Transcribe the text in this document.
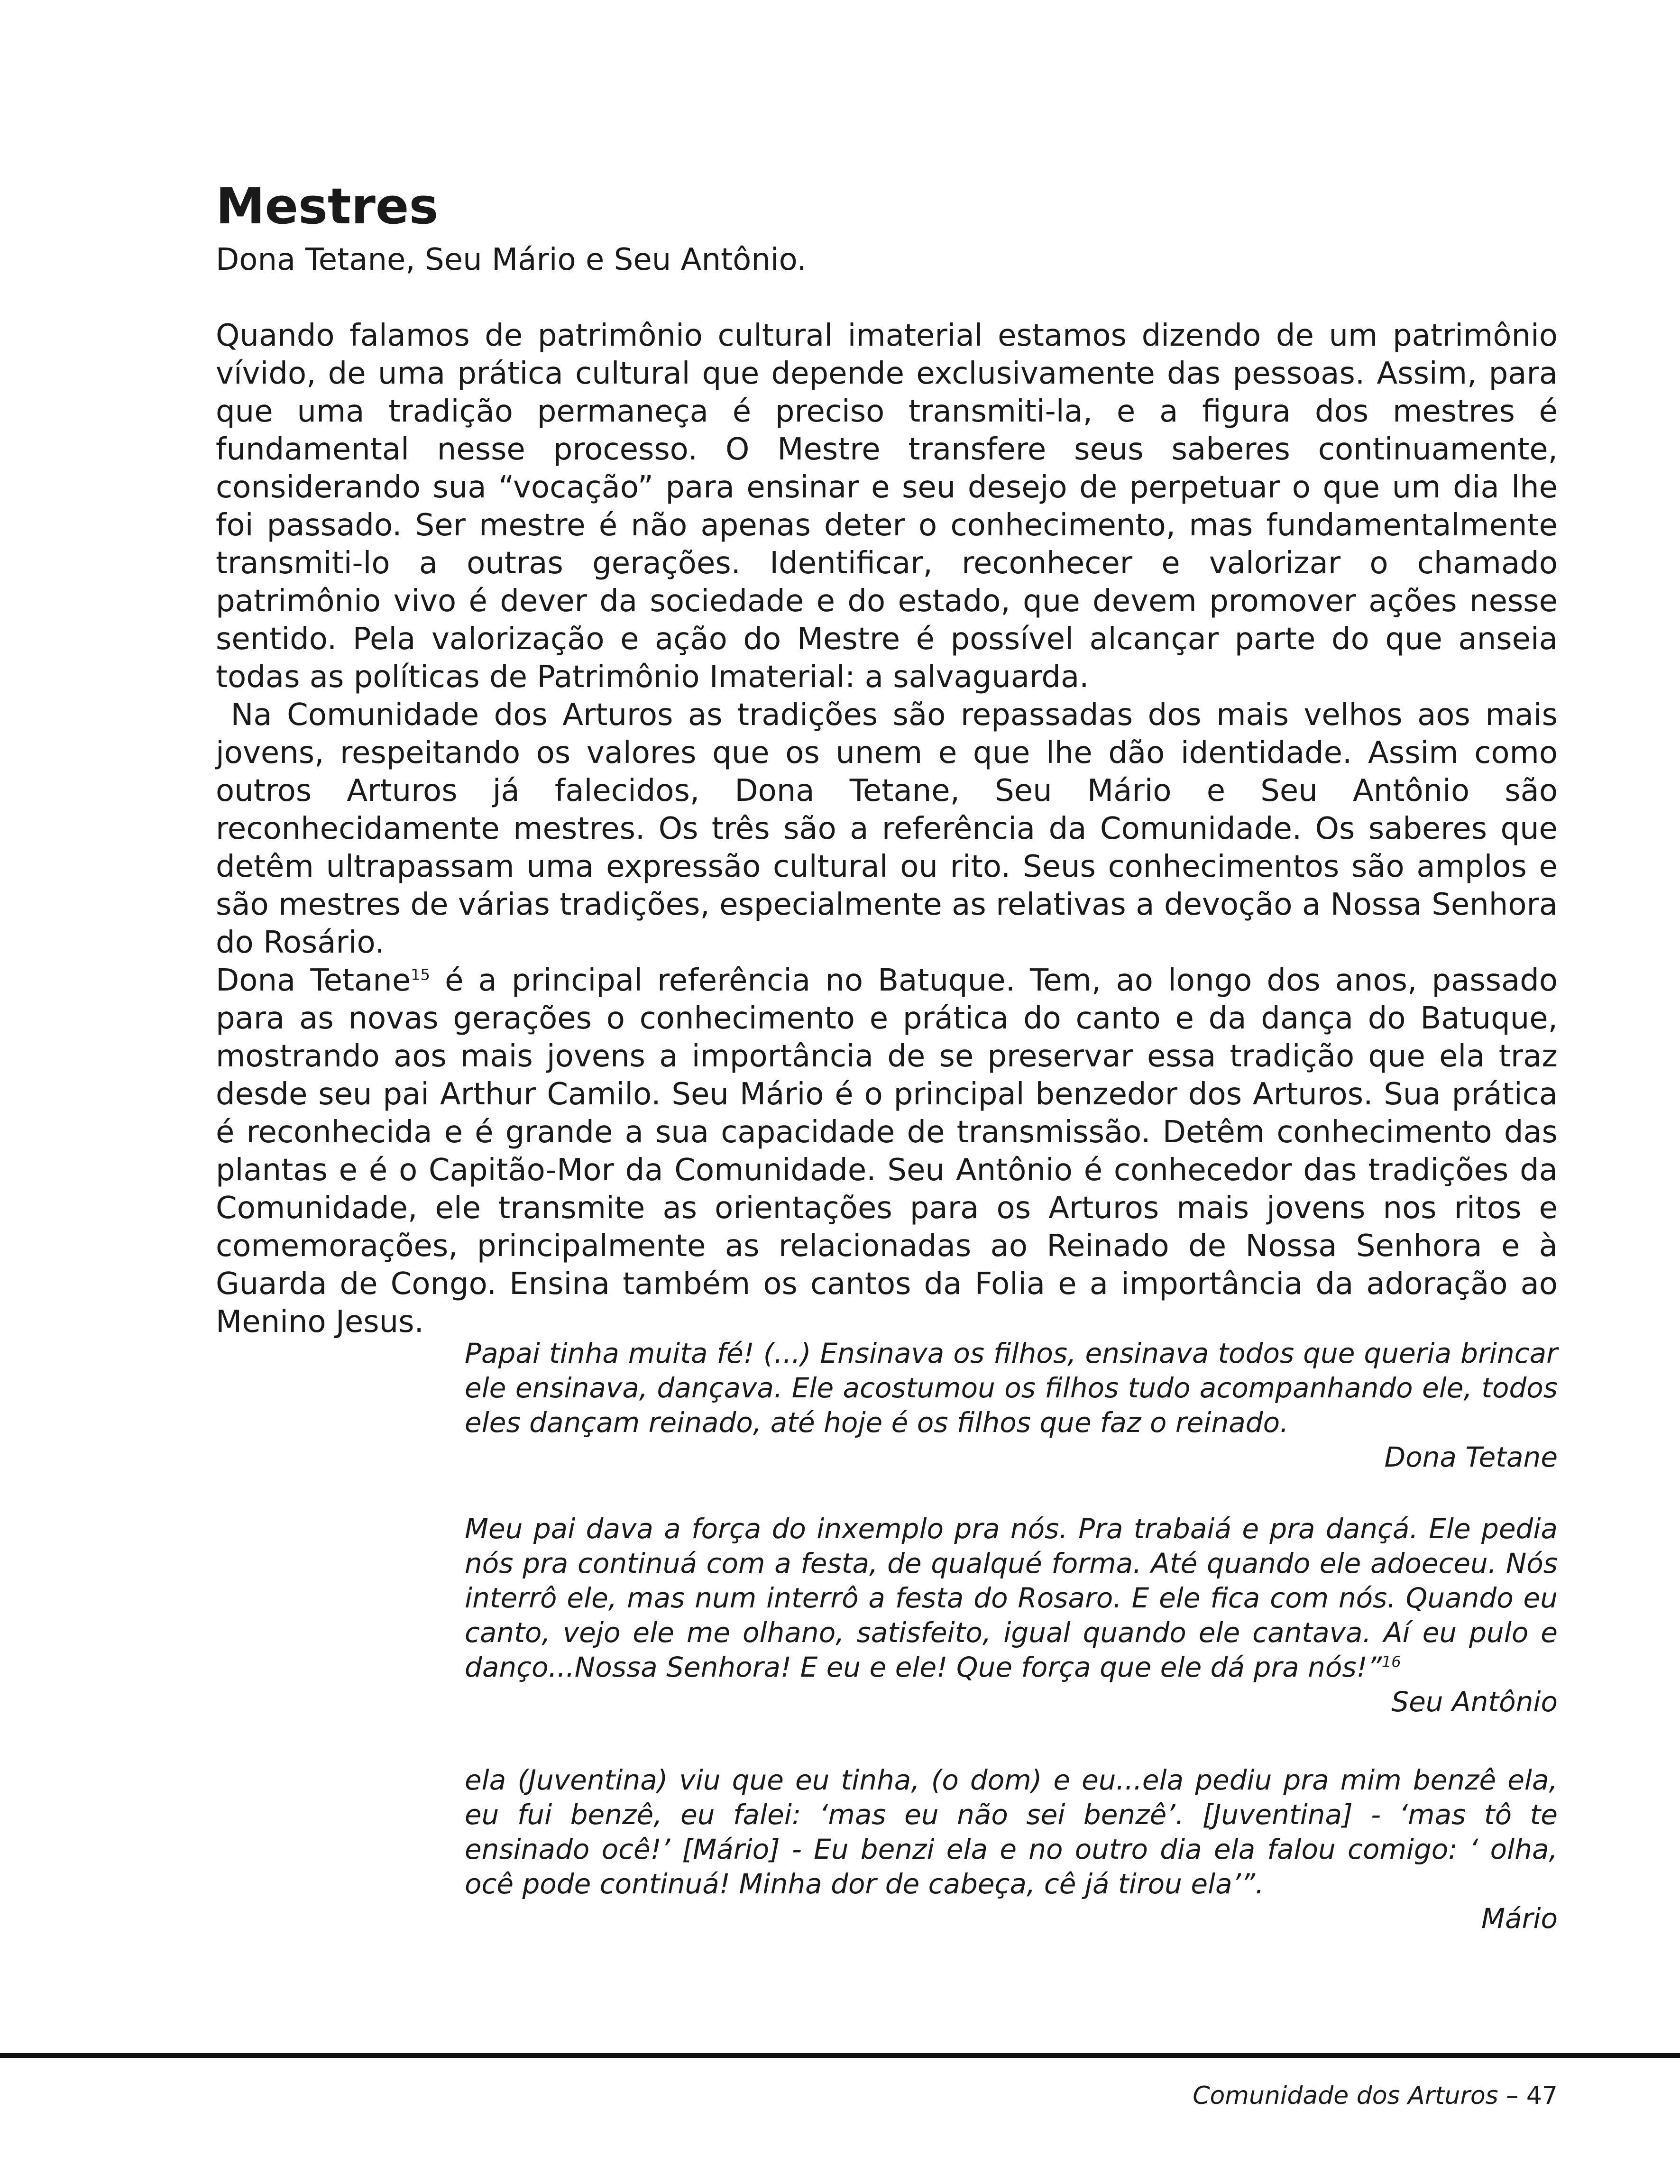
Mestres

Dona Tetane, Seu Mário e Seu Antônio.

Quando falamos de patrimônio cultural imaterial estamos dizendo de um patrimônio vívido, de uma prática cultural que depende exclusivamente das pessoas. Assim, para que uma tradição permaneça é preciso transmiti-la, e a figura dos mestres é fundamental nesse processo. O Mestre transfere seus saberes continuamente, considerando sua “vocação” para ensinar e seu desejo de perpetuar o que um dia lhe foi passado. Ser mestre é não apenas deter o conhecimento, mas fundamentalmente transmiti-lo a outras gerações. Identificar, reconhecer e valorizar o chamado patrimônio vivo é dever da sociedade e do estado, que devem promover ações nesse sentido. Pela valorização e ação do Mestre é possível alcançar parte do que anseia todas as políticas de Patrimônio Imaterial: a salvaguarda.

Na Comunidade dos Arturos as tradições são repassadas dos mais velhos aos mais jovens, respeitando os valores que os unem e que lhe dão identidade. Assim como outros Arturos já falecidos, Dona Tetane, Seu Mário e Seu Antônio são reconhecidamente mestres. Os três são a referência da Comunidade. Os saberes que detêm ultrapassam uma expressão cultural ou rito. Seus conhecimentos são amplos e são mestres de várias tradições, especialmente as relativas a devoção a Nossa Senhora do Rosário.

Dona Tetane$^{15}$ é a principal referência no Batuque. Tem, ao longo dos anos, passado para as novas gerações o conhecimento e prática do canto e da dança do Batuque, mostrando aos mais jovens a importância de se preservar essa tradição que ela traz desde seu pai Arthur Camilo. Seu Mário é o principal benzedor dos Arturos. Sua prática é reconhecida e é grande a sua capacidade de transmissão. Detêm conhecimento das plantas e é o Capitão-Mor da Comunidade. Seu Antônio é conhecedor das tradições da Comunidade, ele transmite as orientações para os Arturos mais jovens nos ritos e comemorações, principalmente as relacionadas ao Reinado de Nossa Senhora e à Guarda de Congo. Ensina também os cantos da Folia e a importância da adoração ao Menino Jesus.

Papai tinha muita fé! (...) Ensinava os filhos, ensinava todos que queria brincar ele ensinava, dançava. Ele acostumou os filhos tudo acompanhando ele, todos eles dançam reinado, até hoje é os filhos que faz o reinado.

Dona Tetane

Meu pai dava a força do inxemplo pra nós. Pra trabaiá e pra dançá. Ele pedia nós pra continuá com a festa, de qualqué forma. Até quando ele adoeceu. Nós interrô ele, mas num interrô a festa do Rosaro. E ele fica com nós. Quando eu canto, vejo ele me olhano, satisfeito, igual quando ele cantava. Aí eu pulo e danço...Nossa Senhora! E eu e ele! Que força que ele dá pra nós!”$^{16}$

Seu Antônio

ela (Juventina) viu que eu tinha, (o dom) e eu...ela pediu pra mim benzê ela, eu fui benzê, eu falei: ‘mas eu não sei benzê’. [Juventina] - ‘mas tô te ensinado ocê!’ [Mário] - Eu benzi ela e no outro dia ela falou comigo: ‘ olha, ocê pode continuá! Minha dor de cabeça, cê já tirou ela’”.

Mário

Comunidade dos Arturos – 47
